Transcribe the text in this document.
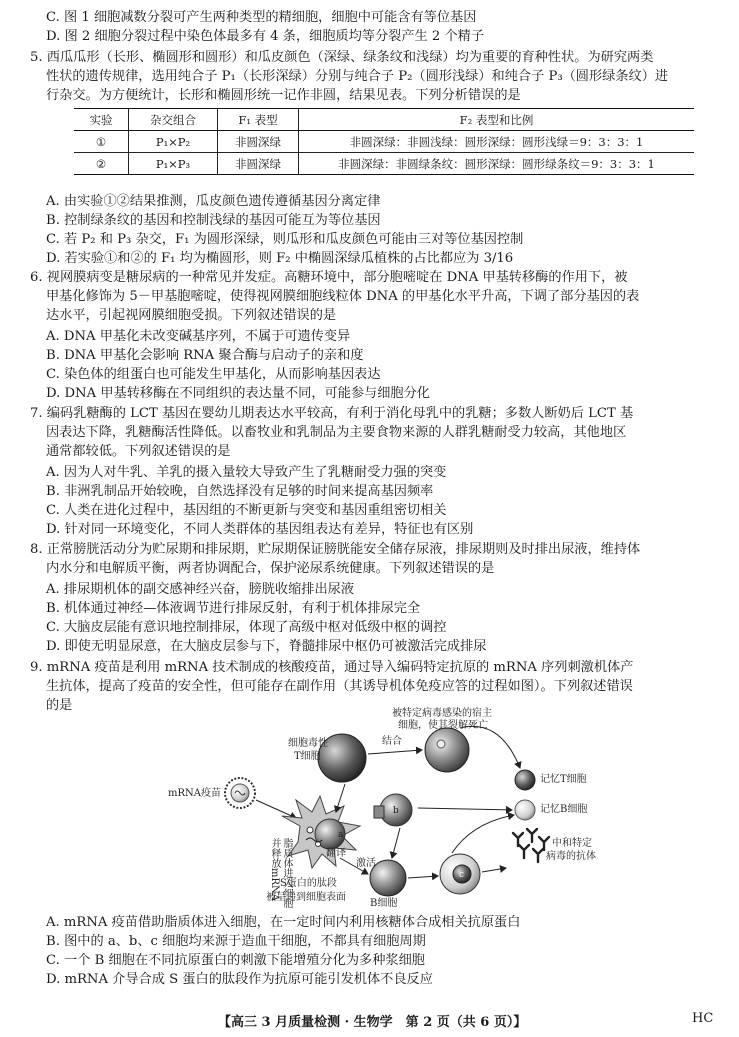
C. 图 1 细胞减数分裂可产生两种类型的精细胞，细胞中可能含有等位基因
D. 图 2 细胞分裂过程中染色体最多有 4 条，细胞质均等分裂产生 2 个精子
5. 西瓜瓜形（长形、椭圆形和圆形）和瓜皮颜色（深绿、绿条纹和浅绿）均为重要的育种性状。为研究两类
性状的遗传规律，选用纯合子 P₁（长形深绿）分别与纯合子 P₂（圆形浅绿）和纯合子 P₃（圆形绿条纹）进
行杂交。为方便统计，长形和椭圆形统一记作非圆，结果见表。下列分析错误的是
实验	杂交组合	F₁ 表型	F₂ 表型和比例
①	P₁×P₂	非圆深绿	非圆深绿：非圆浅绿：圆形深绿：圆形浅绿＝9：3：3：1
②	P₁×P₃	非圆深绿	非圆深绿：非圆绿条纹：圆形深绿：圆形绿条纹＝9：3：3：1
A. 由实验①②结果推测，瓜皮颜色遗传遵循基因分离定律
B. 控制绿条纹的基因和控制浅绿的基因可能互为等位基因
C. 若 P₂ 和 P₃ 杂交，F₁ 为圆形深绿，则瓜形和瓜皮颜色可能由三对等位基因控制
D. 若实验①和②的 F₁ 均为椭圆形，则 F₂ 中椭圆深绿瓜植株的占比都应为 3/16
6. 视网膜病变是糖尿病的一种常见并发症。高糖环境中，部分胞嘧啶在 DNA 甲基转移酶的作用下，被
甲基化修饰为 5－甲基胞嘧啶，使得视网膜细胞线粒体 DNA 的甲基化水平升高，下调了部分基因的表
达水平，引起视网膜细胞受损。下列叙述错误的是
A. DNA 甲基化未改变碱基序列，不属于可遗传变异
B. DNA 甲基化会影响 RNA 聚合酶与启动子的亲和度
C. 染色体的组蛋白也可能发生甲基化，从而影响基因表达
D. DNA 甲基转移酶在不同组织的表达量不同，可能参与细胞分化
7. 编码乳糖酶的 LCT 基因在婴幼儿期表达水平较高，有利于消化母乳中的乳糖；多数人断奶后 LCT 基
因表达下降，乳糖酶活性降低。以畜牧业和乳制品为主要食物来源的人群乳糖耐受力较高，其他地区
通常都较低。下列叙述错误的是
A. 因为人对牛乳、羊乳的摄入量较大导致产生了乳糖耐受力强的突变
B. 非洲乳制品开始较晚，自然选择没有足够的时间来提高基因频率
C. 人类在进化过程中，基因组的不断更新与突变和基因重组密切相关
D. 针对同一环境变化，不同人类群体的基因组表达有差异，特征也有区别
8. 正常膀胱活动分为贮尿期和排尿期，贮尿期保证膀胱能安全储存尿液，排尿期则及时排出尿液，维持体
内水分和电解质平衡，两者协调配合，保护泌尿系统健康。下列叙述错误的是
A. 排尿期机体的副交感神经兴奋，膀胱收缩排出尿液
B. 机体通过神经—体液调节进行排尿反射，有利于机体排尿完全
C. 大脑皮层能有意识地控制排尿，体现了高级中枢对低级中枢的调控
D. 即使无明显尿意，在大脑皮层参与下，脊髓排尿中枢仍可被激活完成排尿
9. mRNA 疫苗是利用 mRNA 技术制成的核酸疫苗，通过导入编码特定抗原的 mRNA 序列刺激机体产
生抗体，提高了疫苗的安全性，但可能存在副作用（其诱导机体免疫应答的过程如图）。下列叙述错误
的是
mRNA疫苗
脂质体进入细胞
并释放mRNA	翻译
S蛋白的肽段
被呈递到细胞表面
细胞毒性
T细胞
结合
被特定病毒感染的宿主
细胞，使其裂解死亡
记忆T细胞
记忆B细胞
激活
B细胞
中和特定
病毒的抗体
a
b
c
A. mRNA 疫苗借助脂质体进入细胞，在一定时间内利用核糖体合成相关抗原蛋白
B. 图中的 a、b、c 细胞均来源于造血干细胞，不都具有细胞周期
C. 一个 B 细胞在不同抗原蛋白的刺激下能增殖分化为多种浆细胞
D. mRNA 介导合成 S 蛋白的肽段作为抗原可能引发机体不良反应
【高三 3 月质量检测 · 生物学　第 2 页（共 6 页）】	HC
